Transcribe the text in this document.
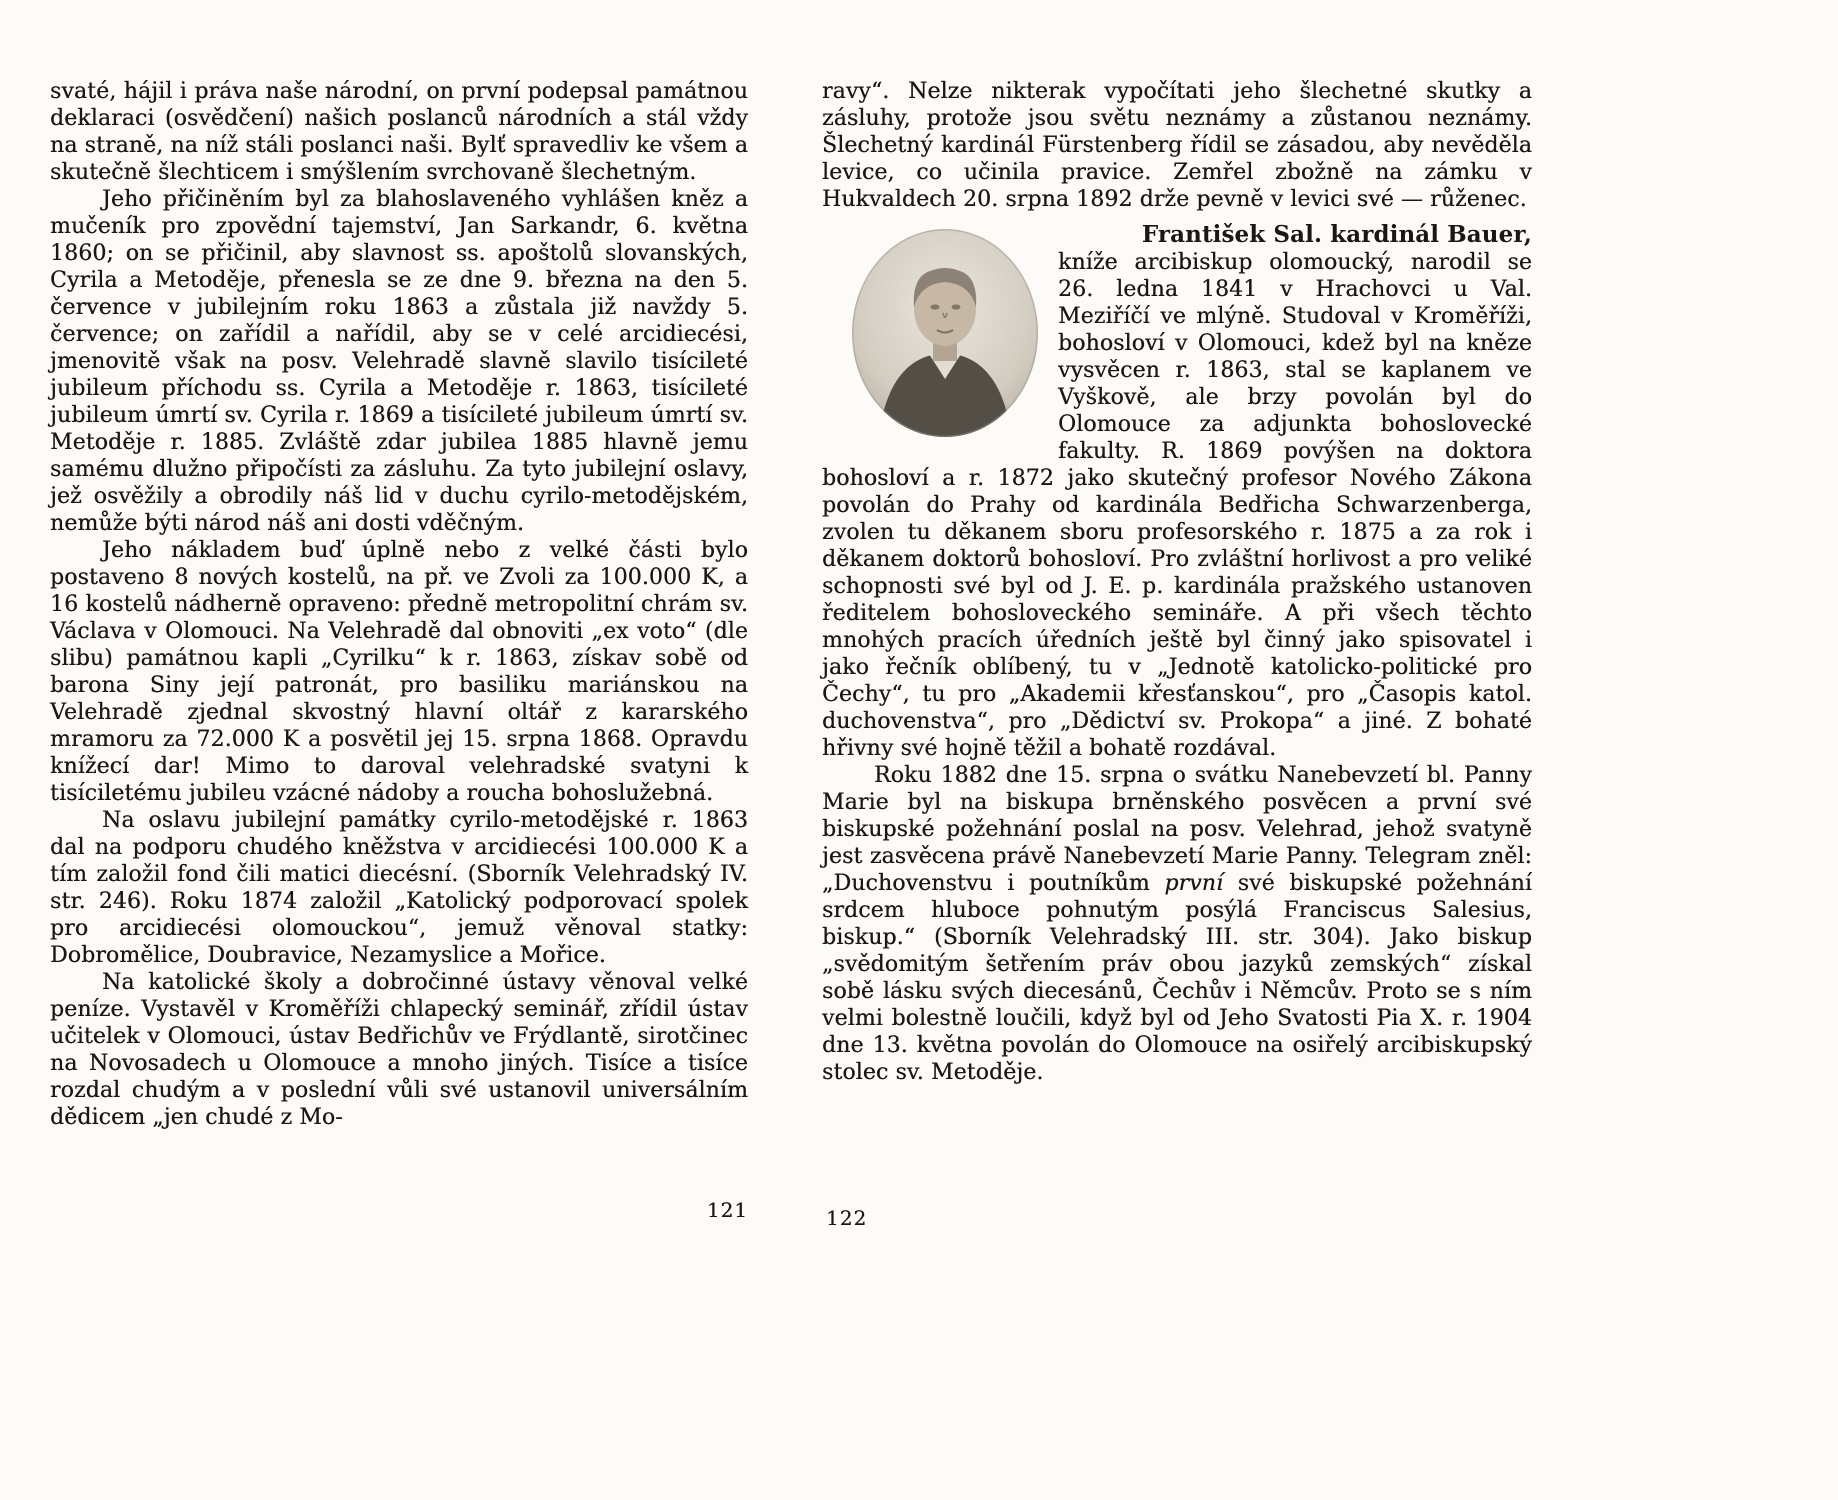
svaté, hájil i práva naše národní, on první podepsal památnou deklaraci (osvědčení) našich poslanců národních a stál vždy na straně, na níž stáli poslanci naši. Bylť spravedliv ke všem a skutečně šlechticem i smýšlením svrchovaně šlechetným.

Jeho přičiněním byl za blahoslaveného vyhlášen kněz a mučeník pro zpovědní tajemství, Jan Sarkandr, 6. května 1860; on se přičinil, aby slavnost ss. apoštolů slovanských, Cyrila a Metoděje, přenesla se ze dne 9. března na den 5. července v jubilejním roku 1863 a zůstala již navždy 5. července; on zařídil a nařídil, aby se v celé arcidiecési, jmenovitě však na posv. Velehradě slavně slavilo tisícileté jubileum příchodu ss. Cyrila a Metoděje r. 1863, tisícileté jubileum úmrtí sv. Cyrila r. 1869 a tisícileté jubileum úmrtí sv. Metoděje r. 1885. Zvláště zdar jubilea 1885 hlavně jemu samému dlužno připočísti za zásluhu. Za tyto jubilejní oslavy, jež osvěžily a obrodily náš lid v duchu cyrilo-metodějském, nemůže býti národ náš ani dosti vděčným.

Jeho nákladem buď úplně nebo z velké části bylo postaveno 8 nových kostelů, na př. ve Zvoli za 100.000 K, a 16 kostelů nádherně opraveno: předně metropolitní chrám sv. Václava v Olomouci. Na Velehradě dal obnoviti „ex voto“ (dle slibu) památnou kapli „Cyrilku“ k r. 1863, získav sobě od barona Siny její patronát, pro basiliku mariánskou na Velehradě zjednal skvostný hlavní oltář z kararského mramoru za 72.000 K a posvětil jej 15. srpna 1868. Opravdu knížecí dar! Mimo to daroval velehradské svatyni k tisíciletému jubileu vzácné nádoby a roucha bohoslužebná.

Na oslavu jubilejní památky cyrilo-metodějské r. 1863 dal na podporu chudého kněžstva v arcidiecési 100.000 K a tím založil fond čili matici diecésní. (Sborník Velehradský IV. str. 246). Roku 1874 založil „Katolický podporovací spolek pro arcidiecési olomouckou“, jemuž věnoval statky: Dobromělice, Doubravice, Nezamyslice a Mořice.

Na katolické školy a dobročinné ústavy věnoval velké peníze. Vystavěl v Kroměříži chlapecký seminář, zřídil ústav učitelek v Olomouci, ústav Bedřichův ve Frýdlantě, sirotčinec na Novosadech u Olomouce a mnoho jiných. Tisíce a tisíce rozdal chudým a v poslední vůli své ustanovil universálním dědicem „jen chudé z Mo-

ravy“. Nelze nikterak vypočítati jeho šlechetné skutky a zásluhy, protože jsou světu neznámy a zůstanou neznámy. Šlechetný kardinál Fürstenberg řídil se zásadou, aby nevěděla levice, co učinila pravice. Zemřel zbožně na zámku v Hukvaldech 20. srpna 1892 drže pevně v levici své — růženec.

František Sal. kardinál Bauer,

kníže arcibiskup olomoucký, narodil se 26. ledna 1841 v Hrachovci u Val. Meziříčí ve mlýně. Studoval v Kroměříži, bohosloví v Olomouci, kdež byl na kněze vysvěcen r. 1863, stal se kaplanem ve Vyškově, ale brzy povolán byl do Olomouce za adjunkta bohoslovecké fakulty. R. 1869 povýšen na doktora bohosloví a r. 1872 jako skutečný profesor Nového Zákona povolán do Prahy od kardinála Bedřicha Schwarzenberga, zvolen tu děkanem sboru profesorského r. 1875 a za rok i děkanem doktorů bohosloví. Pro zvláštní horlivost a pro veliké schopnosti své byl od J. E. p. kardinála pražského ustanoven ředitelem bohosloveckého semináře. A při všech těchto mnohých pracích úředních ještě byl činný jako spisovatel i jako řečník oblíbený, tu v „Jednotě katolicko-politické pro Čechy“, tu pro „Akademii křesťanskou“, pro „Časopis katol. duchovenstva“, pro „Dědictví sv. Prokopa“ a jiné. Z bohaté hřivny své hojně těžil a bohatě rozdával.

Roku 1882 dne 15. srpna o svátku Nanebevzetí bl. Panny Marie byl na biskupa brněnského posvěcen a první své biskupské požehnání poslal na posv. Velehrad, jehož svatyně jest zasvěcena právě Nanebevzetí Marie Panny. Telegram zněl: „Duchovenstvu i poutníkům první své biskupské požehnání srdcem hluboce pohnutým posýlá Franciscus Salesius, biskup.“ (Sborník Velehradský III. str. 304). Jako biskup „svědomitým šetřením práv obou jazyků zemských“ získal sobě lásku svých diecesánů, Čechův i Němcův. Proto se s ním velmi bolestně loučili, když byl od Jeho Svatosti Pia X. r. 1904 dne 13. května povolán do Olomouce na osiřelý arcibiskupský stolec sv. Metoděje.

121	122
